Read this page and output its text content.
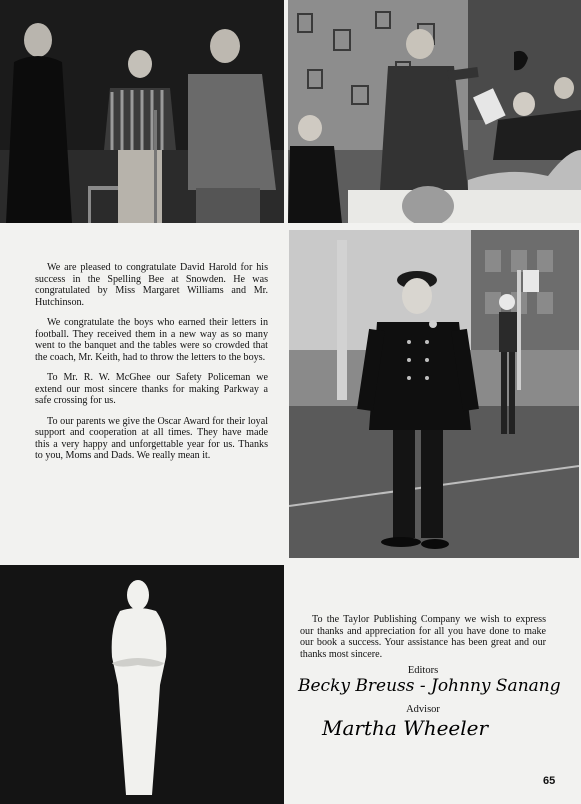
We are pleased to congratulate David Harold for his success in the Spelling Bee at Snowden. He was congratulated by Miss Margaret Williams and Mr. Hutchinson.

We congratulate the boys who earned their letters in football. They received them in a new way as so many went to the banquet and the tables were so crowded that the coach, Mr. Keith, had to throw the letters to the boys.

To Mr. R. W. McGhee our Safety Policeman we extend our most sincere thanks for making Parkway a safe crossing for us.

To our parents we give the Oscar Award for their loyal support and cooperation at all times. They have made this a very happy and unforgettable year for us. Thanks to you, Moms and Dads. We really mean it.

To the Taylor Publishing Company we wish to express our thanks and appreciation for all you have done to make our book a success. Your assistance has been great and our thanks most sincere.

Editors
Becky Breuss - Johnny Sanang
Advisor
Martha Wheeler
65
